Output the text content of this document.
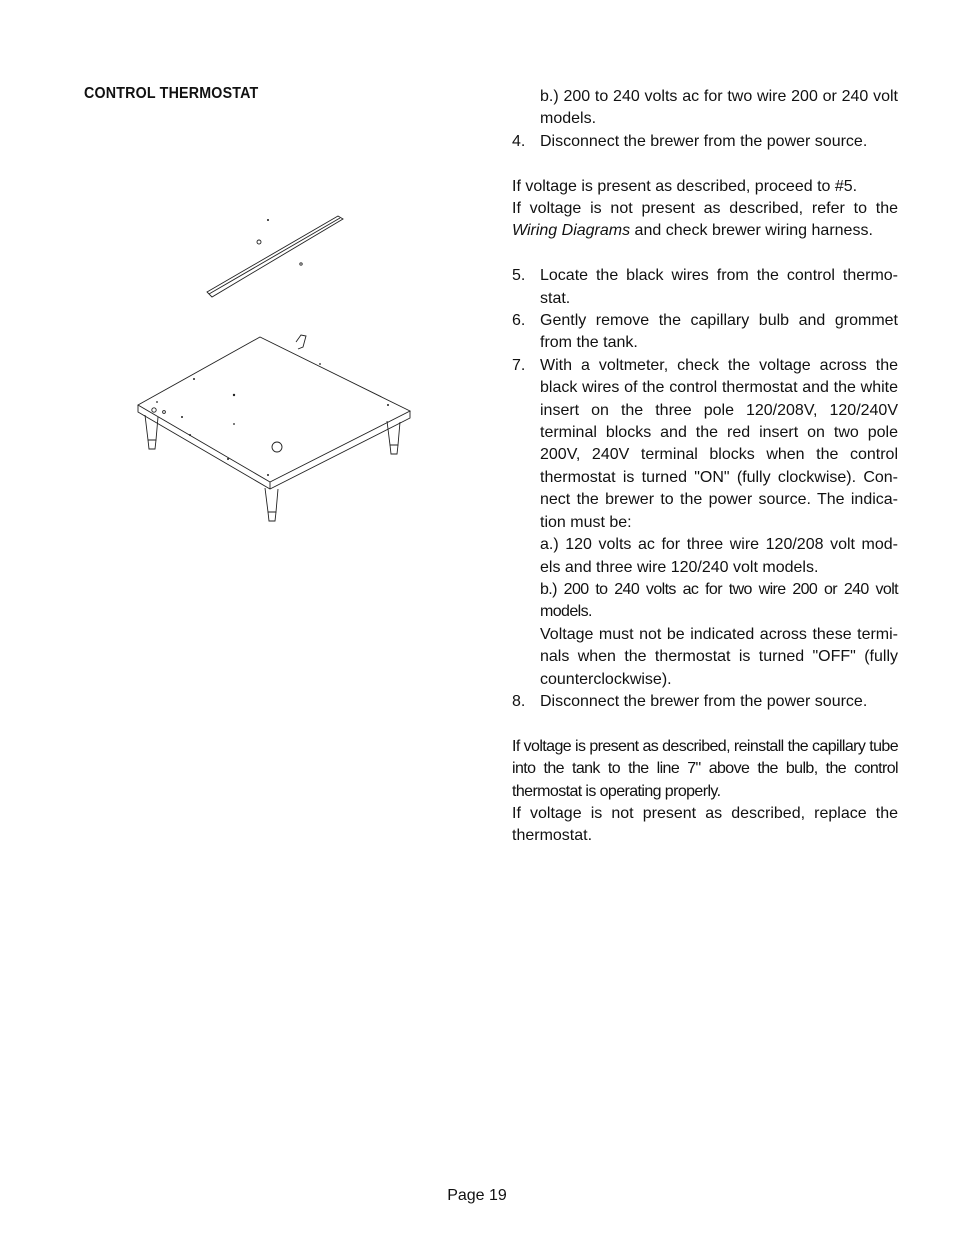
CONTROL THERMOSTAT	b.) 200 to 240 volts ac for two wire 200 or 240 volt models.
4. Disconnect the brewer from the power source.

If voltage is present as described, proceed to #5.

If voltage is not present as described, refer to the Wiring Diagrams and check brewer wiring harness.

5. Locate the black wires from the control thermo-stat.
6. Gently remove the capillary bulb and grommet from the tank.
7. With a voltmeter, check the voltage across the black wires of the control thermostat and the white insert on the three pole 120/208V, 120/240V terminal blocks and the red insert on two pole 200V, 240V terminal blocks when the control thermostat is turned "ON" (fully clockwise). Con-nect the brewer to the power source. The indica-tion must be:
a.) 120 volts ac for three wire 120/208 volt mod-els and three wire 120/240 volt models.
b.) 200 to 240 volts ac for two wire 200 or 240 volt models.
Voltage must not be indicated across these termi-nals when the thermostat is turned "OFF" (fully counterclockwise).
8. Disconnect the brewer from the power source.

If voltage is present as described, reinstall the capillary tube into the tank to the line 7" above the bulb, the control thermostat is operating properly.

If voltage is not present as described, replace the thermostat.

Page 19
